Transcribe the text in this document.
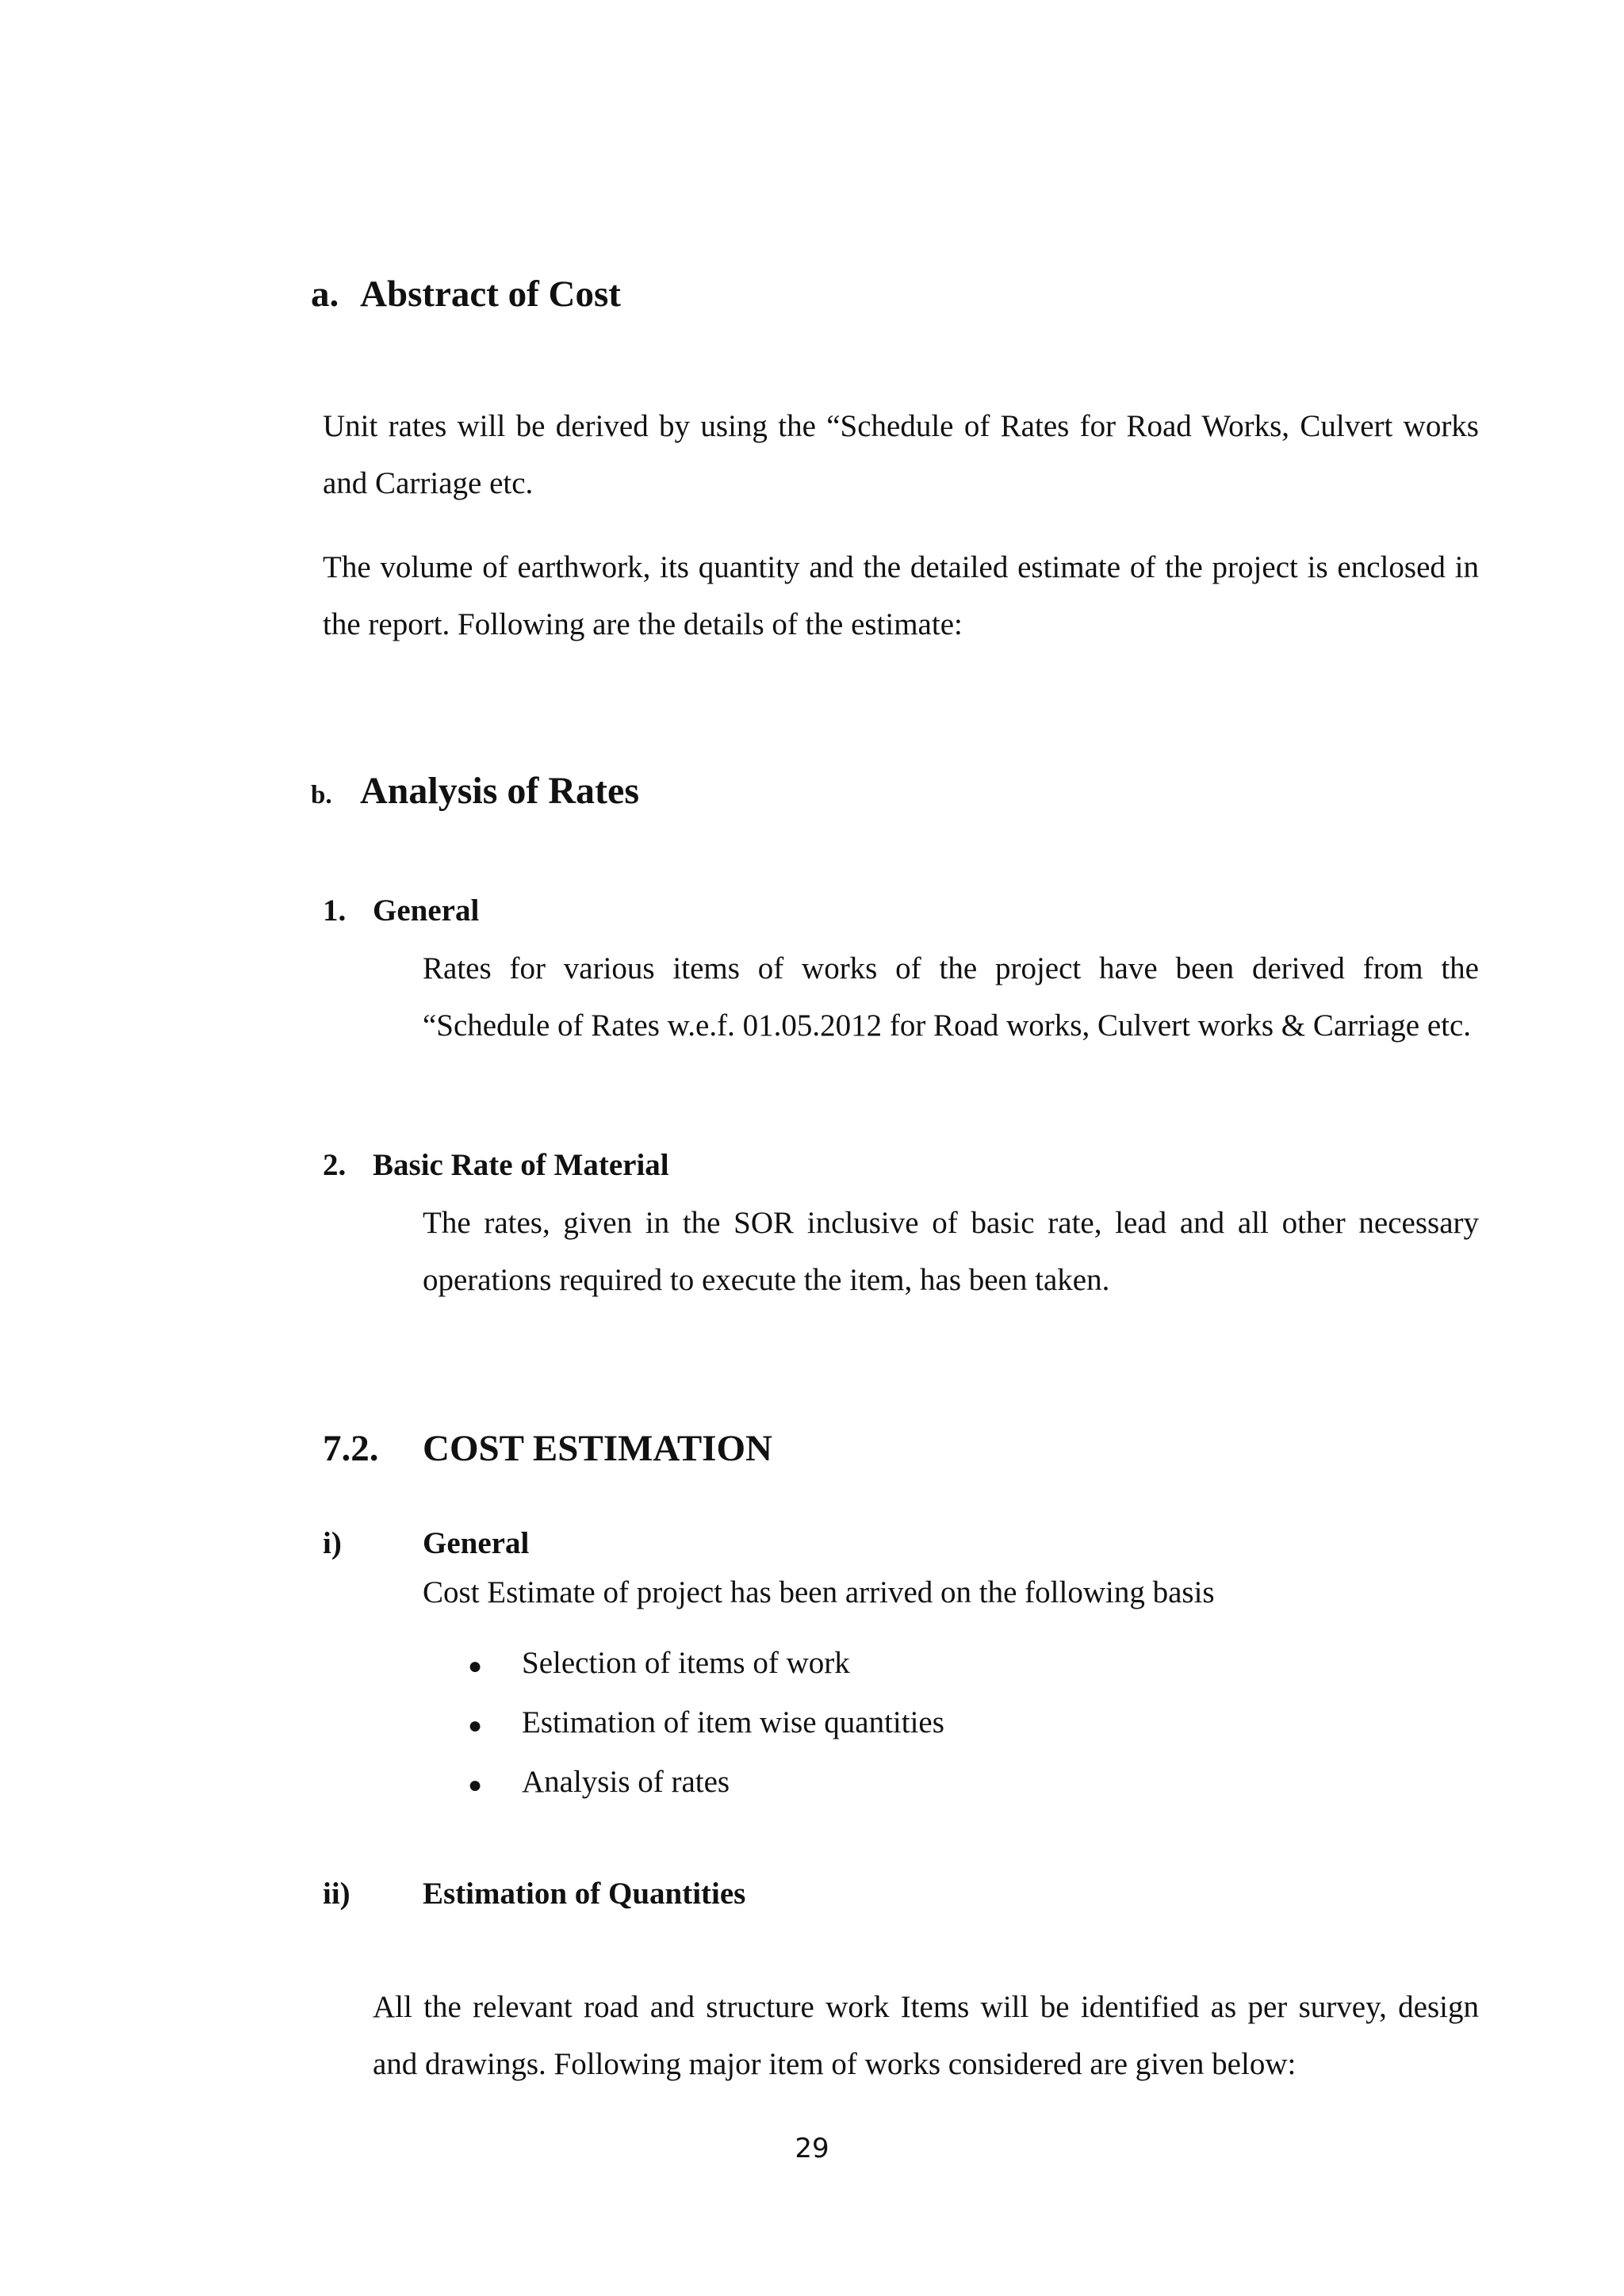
a. Abstract of Cost
Unit rates will be derived by using the “Schedule of Rates for Road Works, Culvert works and Carriage etc.
The volume of earthwork, its quantity and the detailed estimate of the project is enclosed in the report. Following are the details of the estimate:
b. Analysis of Rates
1. General
Rates for various items of works of the project have been derived from the “Schedule of Rates w.e.f. 01.05.2012 for Road works, Culvert works & Carriage etc.
2. Basic Rate of Material
The rates, given in the SOR inclusive of basic rate, lead and all other necessary operations required to execute the item, has been taken.
7.2. COST ESTIMATION
i)	General
Cost Estimate of project has been arrived on the following basis
● Selection of items of work
● Estimation of item wise quantities
● Analysis of rates
ii) Estimation of Quantities
All the relevant road and structure work Items will be identified as per survey, design and drawings. Following major item of works considered are given below:
29
